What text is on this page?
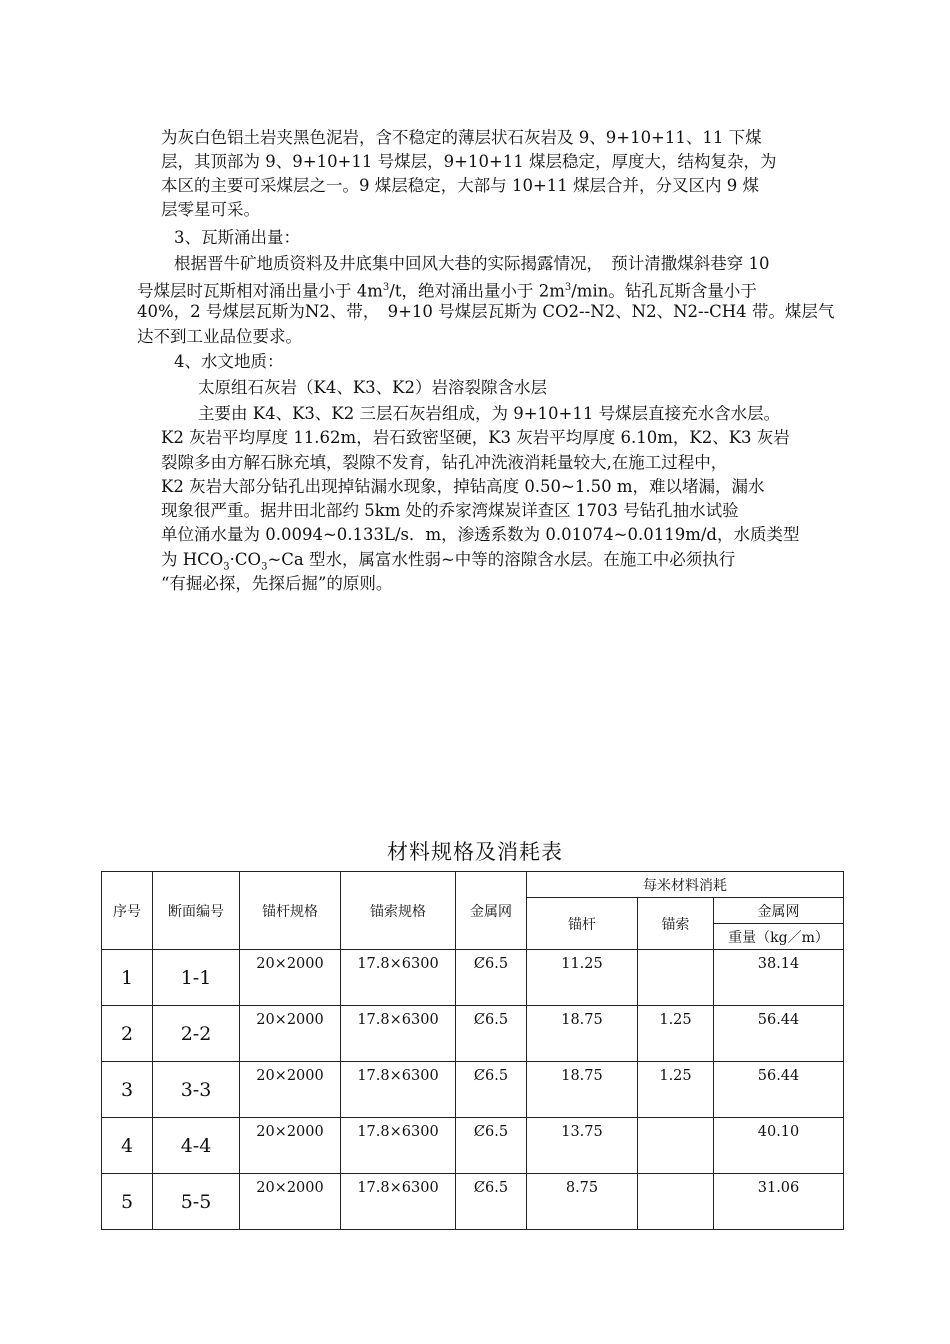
为灰白色铝土岩夹黑色泥岩，含不稳定的薄层状石灰岩及 9、9+10+11、11 下煤
层，其顶部为 9、9+10+11 号煤层，9+10+11 煤层稳定，厚度大，结构复杂，为
本区的主要可采煤层之一。9 煤层稳定，大部与 10+11 煤层合并，分叉区内 9 煤
层零星可采。
3、瓦斯涌出量：
根据晋牛矿地质资料及井底集中回风大巷的实际揭露情况，　预计清撒煤斜巷穿 10
号煤层时瓦斯相对涌出量小于 $4m^3/t$，绝对涌出量小于 $2m^3/\min$。钻孔瓦斯含量小于
40%，2 号煤层瓦斯为N2、带，　9+10 号煤层瓦斯为 CO2--N2、N2、N2--CH4 带。煤层气
达不到工业品位要求。
4、水文地质：
太原组石灰岩（K4、K3、K2）岩溶裂隙含水层
主要由 K4、K3、K2 三层石灰岩组成，为 9+10+11 号煤层直接充水含水层。
K2 灰岩平均厚度 11.62m，岩石致密坚硬，K3 灰岩平均厚度 6.10m，K2、K3 灰岩
裂隙多由方解石脉充填，裂隙不发育，钻孔冲洗液消耗量较大,在施工过程中，
K2 灰岩大部分钻孔出现掉钻漏水现象，掉钻高度 0.50~1.50 m，难以堵漏，漏水
现象很严重。据井田北部约 5km 处的乔家湾煤炭详查区 1703 号钻孔抽水试验
单位涌水量为 0.0094~0.133L/s．m，渗透系数为 0.01074~0.0119m/d，水质类型
为 $HCO_3\cdot CO_3\sim Ca$ 型水，属富水性弱~中等的溶隙含水层。在施工中必须执行
“有掘必探，先探后掘”的原则。
材料规格及消耗表
序号	断面编号	锚杆规格	锚索规格	金属网	每米材料消耗		
					锚杆	锚索	金属网
							重量（kg／m）
1	1-1	20×2000	17.8×6300	Ȼ6.5	11.25		38.14
2	2-2	20×2000	17.8×6300	Ȼ6.5	18.75	1.25	56.44
3	3-3	20×2000	17.8×6300	Ȼ6.5	18.75	1.25	56.44
4	4-4	20×2000	17.8×6300	Ȼ6.5	13.75		40.10
5	5-5	20×2000	17.8×6300	Ȼ6.5	8.75		31.06
